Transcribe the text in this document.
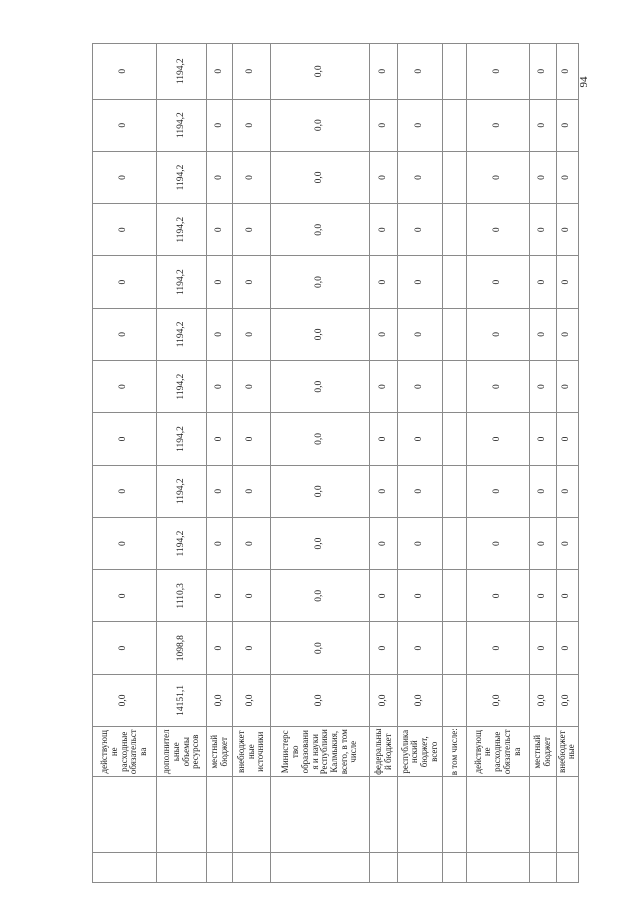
		действующ не расходные обязательст ва	0,0	0	0	0	0	0	0	0	0	0	0	0	0
		дополнител ьные объемы ресурсов	14151,1	1098,8	1110,3	1194,2	1194,2	1194,2	1194,2	1194,2	1194,2	1194,2	1194,2	1194,2	1194,2
		местный бюджет	0,0	0	0	0	0	0	0	0	0	0	0	0	0
		внебюджет ные источники	0,0	0	0	0	0	0	0	0	0	0	0	0	0
		Министерс тво образовани я и науки Республики Калмыкия, всего, в том числе	0,0	0,0	0,0	0,0	0,0	0,0	0,0	0,0	0,0	0,0	0,0	0,0	0,0
		федеральны й бюджет	0,0	0	0	0	0	0	0	0	0	0	0	0	0
		республика нский бюджет, всего	0,0	0	0	0	0	0	0	0	0	0	0	0	0
		в том числе:													
		действующ не расходные обязательст ва	0,0	0	0	0	0	0	0	0	0	0	0	0	0
		местный бюджет	0,0	0	0	0	0	0	0	0	0	0	0	0	0
		внебюджет ные	0,0	0	0	0	0	0	0	0	0	0	0	0	0
94
